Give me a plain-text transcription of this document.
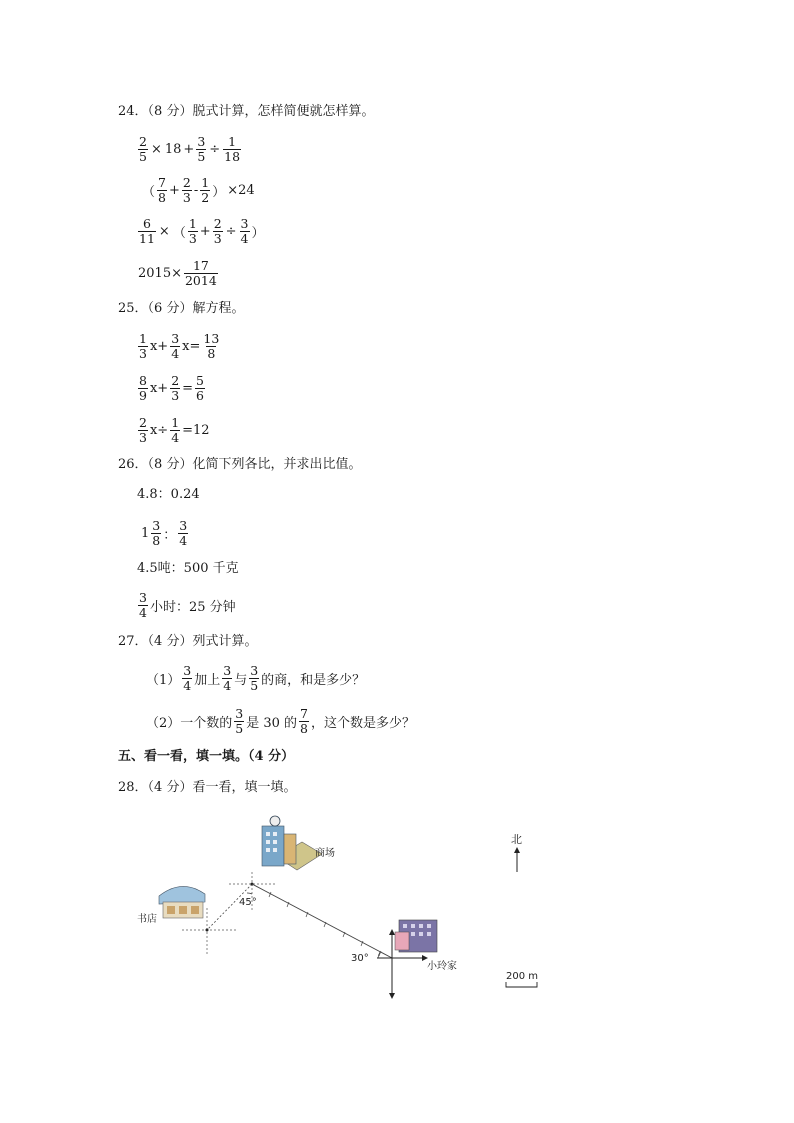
24．（8 分）脱式计算，怎样简便就怎样算。
$\frac{2}{5} \times 18 + \frac{3}{5} \div \frac{1}{18}$
（ $\frac{7}{8} + \frac{2}{3} - \frac{1}{2}$ ） ×24
$\frac{6}{11}$ × （ $\frac{1}{3} + \frac{2}{3} \div \frac{3}{4}$ ）
$2015\times \frac{17}{2014}$
25．（6 分）解方程。
$\frac{1}{3} x+ \frac{3}{4} x= \frac{13}{8}$
$\frac{8}{9} x+ \frac{2}{3} = \frac{5}{6}$
$\frac{2}{3} x\div \frac{1}{4} =12$
26．（8 分）化简下列各比，并求出比值。
4.8：0.24
$1 \frac{3}{8}$ ： $\frac{3}{4}$
4.5吨：500 千克
$\frac{3}{4}$ 小时：25 分钟
27．（4 分）列式计算。
$(1) \frac{3}{4}$ 加上 $\frac{3}{4}$ 与 $\frac{3}{5}$ 的商，和是多少？
（2）一个数的 $\frac{3}{5}$ 是 30 的 $\frac{7}{8}$ ，这个数是多少？
五、看一看，填一填。（4 分）
28．（4 分）看一看，填一填。
商场
书店
小玲家
45°
30°
北
200 m
